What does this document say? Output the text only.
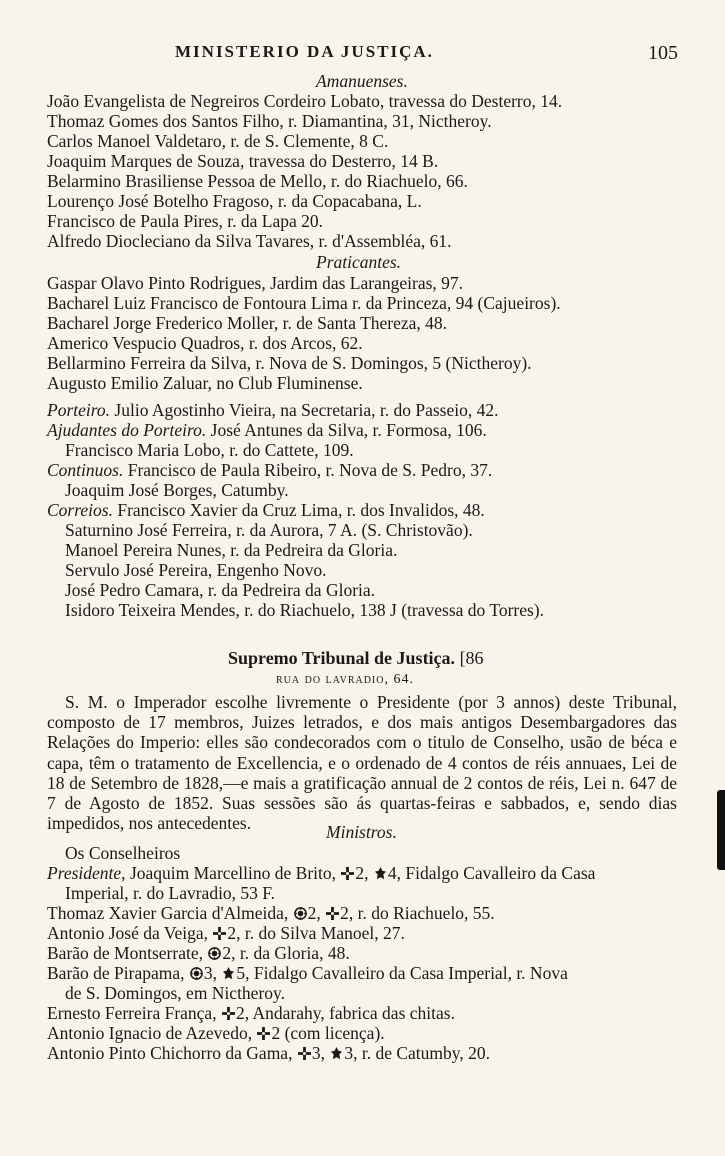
MINISTERIO DA JUSTIÇA.	105
Amanuenses.
João Evangelista de Negreiros Cordeiro Lobato, travessa do Desterro, 14.
Thomaz Gomes dos Santos Filho, r. Diamantina, 31, Nictheroy.
Carlos Manoel Valdetaro, r. de S. Clemente, 8 C.
Joaquim Marques de Souza, travessa do Desterro, 14 B.
Belarmino Brasiliense Pessoa de Mello, r. do Riachuelo, 66.
Lourenço José Botelho Fragoso, r. da Copacabana, L.
Francisco de Paula Pires, r. da Lapa 20.
Alfredo Diocleciano da Silva Tavares, r. d'Assembléa, 61.
Praticantes.
Gaspar Olavo Pinto Rodrigues, Jardim das Larangeiras, 97.
Bacharel Luiz Francisco de Fontoura Lima r. da Princeza, 94 (Cajueiros).
Bacharel Jorge Frederico Moller, r. de Santa Thereza, 48.
Americo Vespucio Quadros, r. dos Arcos, 62.
Bellarmino Ferreira da Silva, r. Nova de S. Domingos, 5 (Nictheroy).
Augusto Emilio Zaluar, no Club Fluminense.
Porteiro. Julio Agostinho Vieira, na Secretaria, r. do Passeio, 42.
Ajudantes do Porteiro. José Antunes da Silva, r. Formosa, 106.
Francisco Maria Lobo, r. do Cattete, 109.
Continuos. Francisco de Paula Ribeiro, r. Nova de S. Pedro, 37.
Joaquim José Borges, Catumby.
Correios. Francisco Xavier da Cruz Lima, r. dos Invalidos, 48.
Saturnino José Ferreira, r. da Aurora, 7 A. (S. Christovão).
Manoel Pereira Nunes, r. da Pedreira da Gloria.
Servulo José Pereira, Engenho Novo.
José Pedro Camara, r. da Pedreira da Gloria.
Isidoro Teixeira Mendes, r. do Riachuelo, 138 J (travessa do Torres).
Supremo Tribunal de Justiça. [86
rua do lavradio, 64.
S. M. o Imperador escolhe livremente o Presidente (por 3 annos) deste Tribunal, composto de 17 membros, Juizes letrados, e dos mais antigos Desembargadores das Relações do Imperio: elles são condecorados com o titulo de Conselho, usão de béca e capa, têm o tratamento de Excellencia, e o ordenado de 4 contos de réis annuaes, Lei de 18 de Setembro de 1828,—e mais a gratificação annual de 2 contos de réis, Lei n. 647 de 7 de Agosto de 1852. Suas sessões são ás quartas-feiras e sabbados, e, sendo dias impedidos, nos antecedentes.	Ministros.
Os Conselheiros
Presidente, Joaquim Marcellino de Brito, 2, 4, Fidalgo Cavalleiro da Casa
Imperial, r. do Lavradio, 53 F.
Thomaz Xavier Garcia d'Almeida, 2, 2, r. do Riachuelo, 55.
Antonio José da Veiga, 2, r. do Silva Manoel, 27.
Barão de Montserrate, 2, r. da Gloria, 48.
Barão de Pirapama, 3, 5, Fidalgo Cavalleiro da Casa Imperial, r. Nova
de S. Domingos, em Nictheroy.
Ernesto Ferreira França, 2, Andarahy, fabrica das chitas.
Antonio Ignacio de Azevedo, 2 (com licença).
Antonio Pinto Chichorro da Gama, 3, 3, r. de Catumby, 20.
